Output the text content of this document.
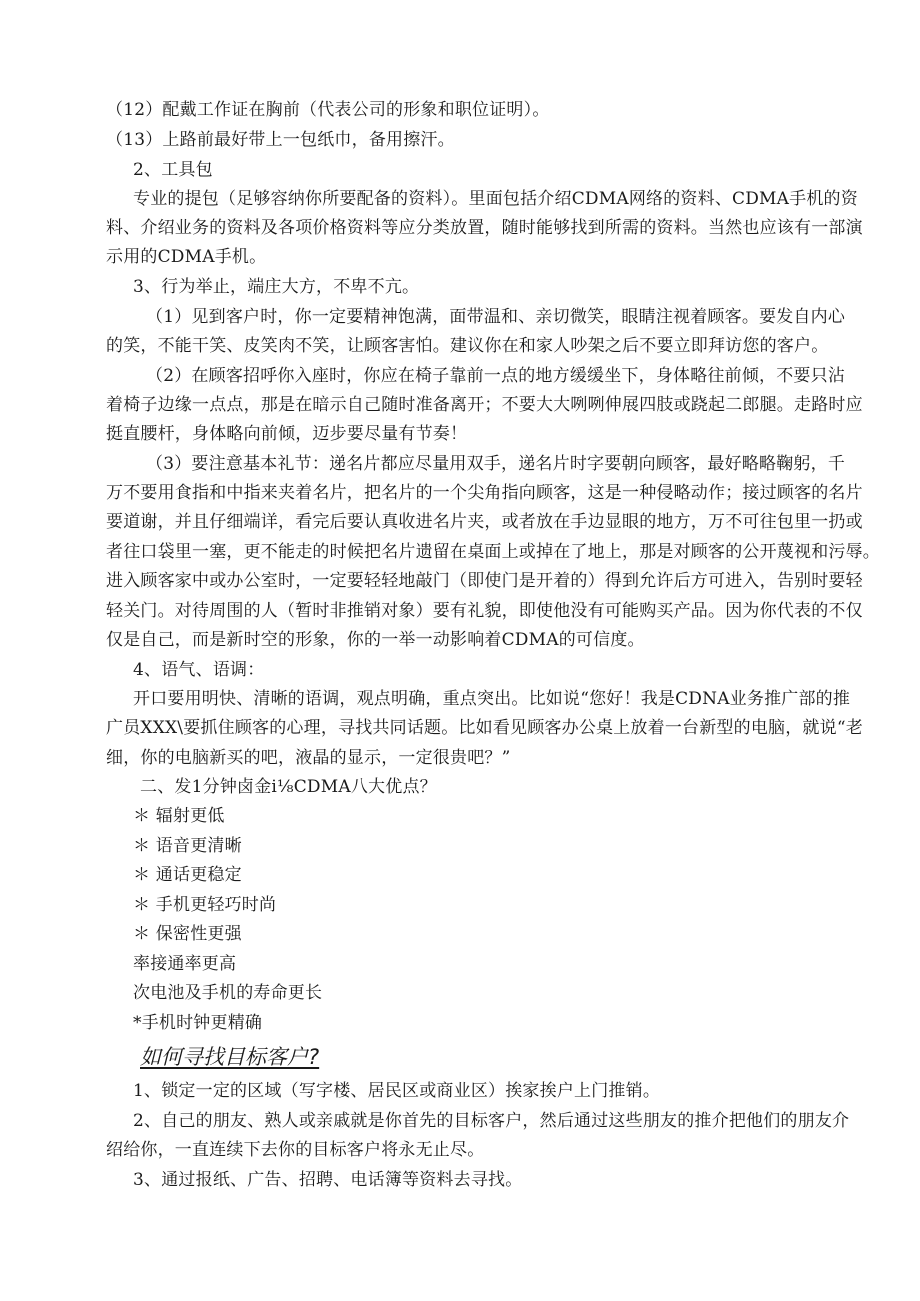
（12）配戴工作证在胸前（代表公司的形象和职位证明）。
（13）上路前最好带上一包纸巾，备用擦汗。
2、工具包
专业的提包（足够容纳你所要配备的资料）。里面包括介绍CDMA网络的资料、CDMA手机的资
料、介绍业务的资料及各项价格资料等应分类放置，随时能够找到所需的资料。当然也应该有一部演
示用的CDMA手机。
3、行为举止，端庄大方，不卑不亢。
（1）见到客户时，你一定要精神饱满，面带温和、亲切微笑，眼睛注视着顾客。要发自内心
的笑，不能干笑、皮笑肉不笑，让顾客害怕。建议你在和家人吵架之后不要立即拜访您的客户。
（2）在顾客招呼你入座时，你应在椅子靠前一点的地方缓缓坐下，身体略往前倾，不要只沾
着椅子边缘一点点，那是在暗示自己随时准备离开；不要大大咧咧伸展四肢或跷起二郎腿。走路时应
挺直腰杆，身体略向前倾，迈步要尽量有节奏！
（3）要注意基本礼节：递名片都应尽量用双手，递名片时字要朝向顾客，最好略略鞠躬，千
万不要用食指和中指来夹着名片，把名片的一个尖角指向顾客，这是一种侵略动作；接过顾客的名片
要道谢，并且仔细端详，看完后要认真收进名片夹，或者放在手边显眼的地方，万不可往包里一扔或
者往口袋里一塞，更不能走的时候把名片遗留在桌面上或掉在了地上，那是对顾客的公开蔑视和污辱。
进入顾客家中或办公室时，一定要轻轻地敲门（即使门是开着的）得到允许后方可进入，告别时要轻
轻关门。对待周围的人（暂时非推销对象）要有礼貌，即使他没有可能购买产品。因为你代表的不仅
仅是自己，而是新时空的形象，你的一举一动影响着CDMA的可信度。
4、语气、语调：
开口要用明快、清晰的语调，观点明确，重点突出。比如说“您好！我是CDNA业务推广部的推
广员XXX\要抓住顾客的心理，寻找共同话题。比如看见顾客办公桌上放着一台新型的电脑，就说“老
细，你的电脑新买的吧，液晶的显示，一定很贵吧？”
二、发1分钟卤金i⅛CDMA八大优点？
＊ 辐射更低
＊ 语音更清晰
＊ 通话更稳定
＊ 手机更轻巧时尚
＊ 保密性更强
率接通率更高
次电池及手机的寿命更长
*手机时钟更精确
如何寻找目标客户?
1、锁定一定的区域（写字楼、居民区或商业区）挨家挨户上门推销。
2、自己的朋友、熟人或亲戚就是你首先的目标客户，然后通过这些朋友的推介把他们的朋友介
绍给你，一直连续下去你的目标客户将永无止尽。
3、通过报纸、广告、招聘、电话簿等资料去寻找。
